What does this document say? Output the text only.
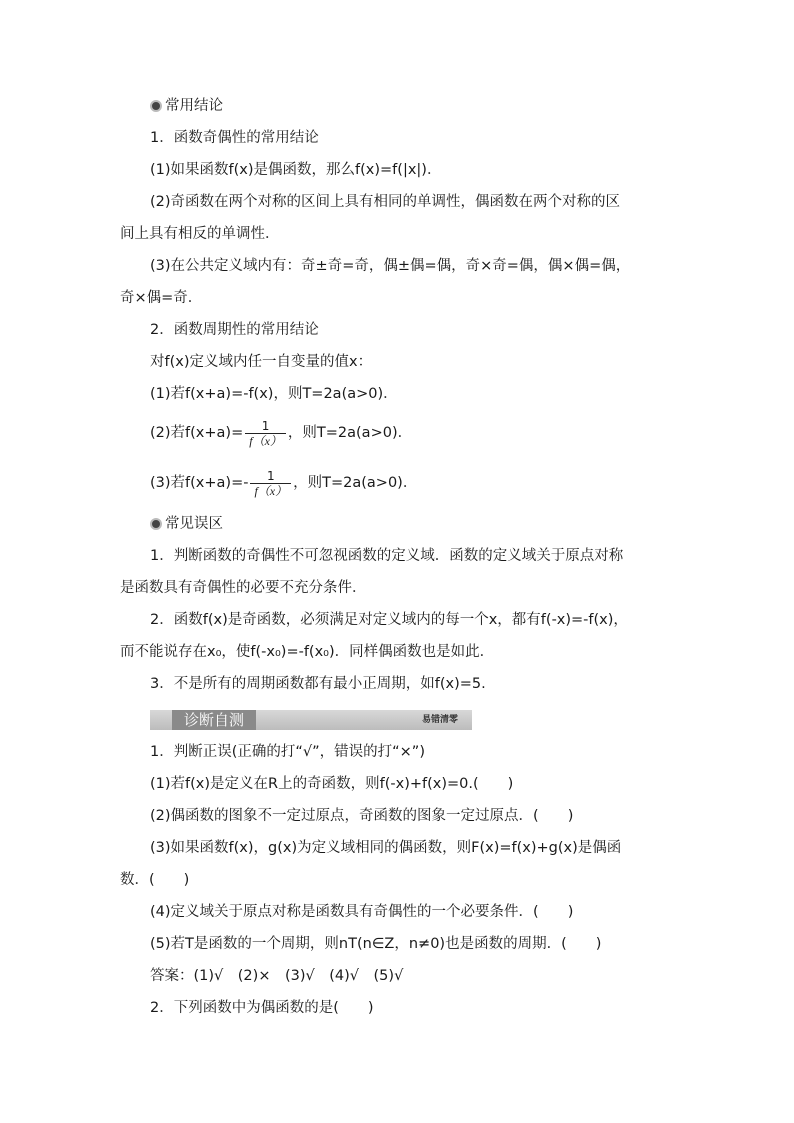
常用结论
1．函数奇偶性的常用结论
(1)如果函数f(x)是偶函数，那么f(x)=f(|x|)．
(2)奇函数在两个对称的区间上具有相同的单调性，偶函数在两个对称的区
间上具有相反的单调性．
(3)在公共定义域内有：奇±奇=奇，偶±偶=偶，奇×奇=偶，偶×偶=偶，
奇×偶=奇．
2．函数周期性的常用结论
对f(x)定义域内任一自变量的值x：
(1)若f(x+a)=-f(x)，则T=2a(a>0)．
(2)若$f(x+a)= \frac{1}{f(x)}$ ，则T=2a(a>0)．
(3)若$f(x+a)=- \frac{1}{f(x)}$ ，则T=2a(a>0)．
常见误区
1．判断函数的奇偶性不可忽视函数的定义域．函数的定义域关于原点对称
是函数具有奇偶性的必要不充分条件．
2．函数f(x)是奇函数，必须满足对定义域内的每一个x，都有f(-x)=-f(x)，
而不能说存在x₀，使f(-x₀)=-f(x₀)．同样偶函数也是如此．
3．不是所有的周期函数都有最小正周期，如f(x)=5.
诊断自测	易错清零
1．判断正误(正确的打“√”，错误的打“×”)
(1)若f(x)是定义在R上的奇函数，则f(-x)+f(x)=0.(　　)
(2)偶函数的图象不一定过原点，奇函数的图象一定过原点．(　　)
(3)如果函数f(x)，g(x)为定义域相同的偶函数，则F(x)=f(x)+g(x)是偶函
数．(　　)
(4)定义域关于原点对称是函数具有奇偶性的一个必要条件．(　　)
(5)若T是函数的一个周期，则nT(n∈Z，n≠0)也是函数的周期．(　　)
答案：(1)√　(2)×　(3)√　(4)√　(5)√
2．下列函数中为偶函数的是(　　)
